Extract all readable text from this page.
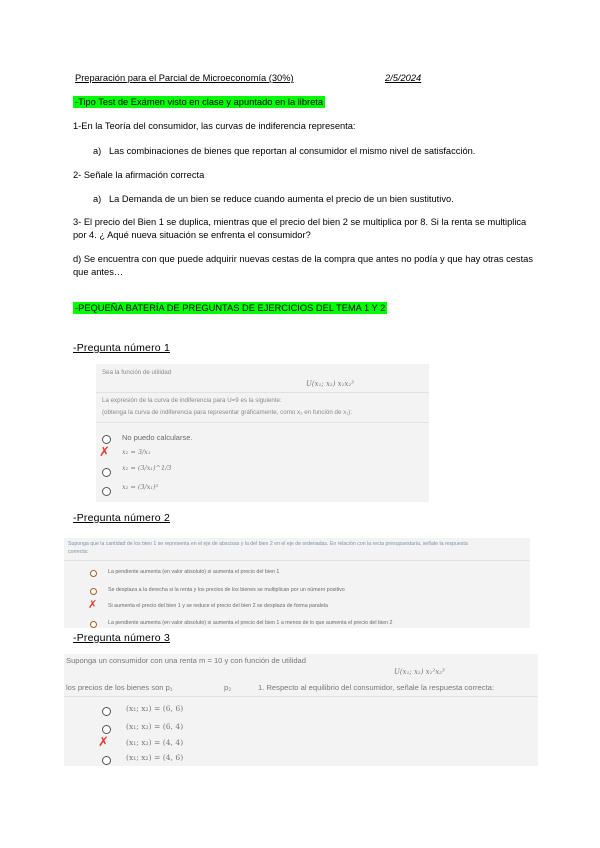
Preparación para el Parcial de Microeconomía (30%)	2/5/2024
-Tipo Test de Exámen visto en clase y apuntado en la libreta
1-En la Teoría del consumidor, las curvas de indiferencia representa:
a) Las combinaciones de bienes que reportan al consumidor el mismo nivel de satisfacción.
2- Señale la afirmación correcta
a) La Demanda de un bien se reduce cuando aumenta el precio de un bien sustitutivo.
3- El precio del Bien 1 se duplica, mientras que el precio del bien 2 se multiplica por 8. Si la renta se multiplica
por 4. ¿ Aqué nueva situación se enfrenta el consumidor?
d) Se encuentra con que puede adquirir nuevas cestas de la compra que antes no podía y que hay otras cestas
que antes…
-PEQUEÑA BATERÍA DE PREGUNTAS DE EJERCICIOS DEL TEMA 1 Y 2
-Pregunta número 1
Sea la función de utilidad
U(x₁; x₂) x₁x₂³
La expresión de la curva de indiferencia para U=9 es la siguiente:
(obtenga la curva de indiferencia para representar gráficamente, como x₂ en función de x₁):
No puedo calcularse.
✗ x₂ = 3/x₁
x₂ = (3/x₁)^1/3
x₂ = (3/x₁)³
-Pregunta número 2
Suponga que la cantidad de los bien 1 se representa en el eje de abscisas y la del bien 2 en el eje de ordenadas. En relación con la recta presupuestaria, señale la respuesta
correcta:
La pendiente aumenta (en valor absoluto) si aumenta el precio del bien 1
Se desplaza a la derecha si la renta y los precios de los bienes se multiplican por un número positivo
✗ Si aumenta el precio del bien 1 y se reduce el precio del bien 2 se desplaza de forma paralela
La pendiente aumenta (en valor absoluto) si aumenta el precio del bien 1 a menos de lo que aumenta el precio del bien 2
-Pregunta número 3
Suponga un consumidor con una renta m = 10 y con función de utilidad
U(x₁; x₂) x₁²x₂³
los precios de los bienes son p₁	p₂	1. Respecto al equilibrio del consumidor, señale la respuesta correcta:
(x₁; x₂) = (6, 6)
(x₁; x₂) = (6, 4)
✗ (x₁; x₂) = (4, 4)
(x₁; x₂) = (4, 6)
